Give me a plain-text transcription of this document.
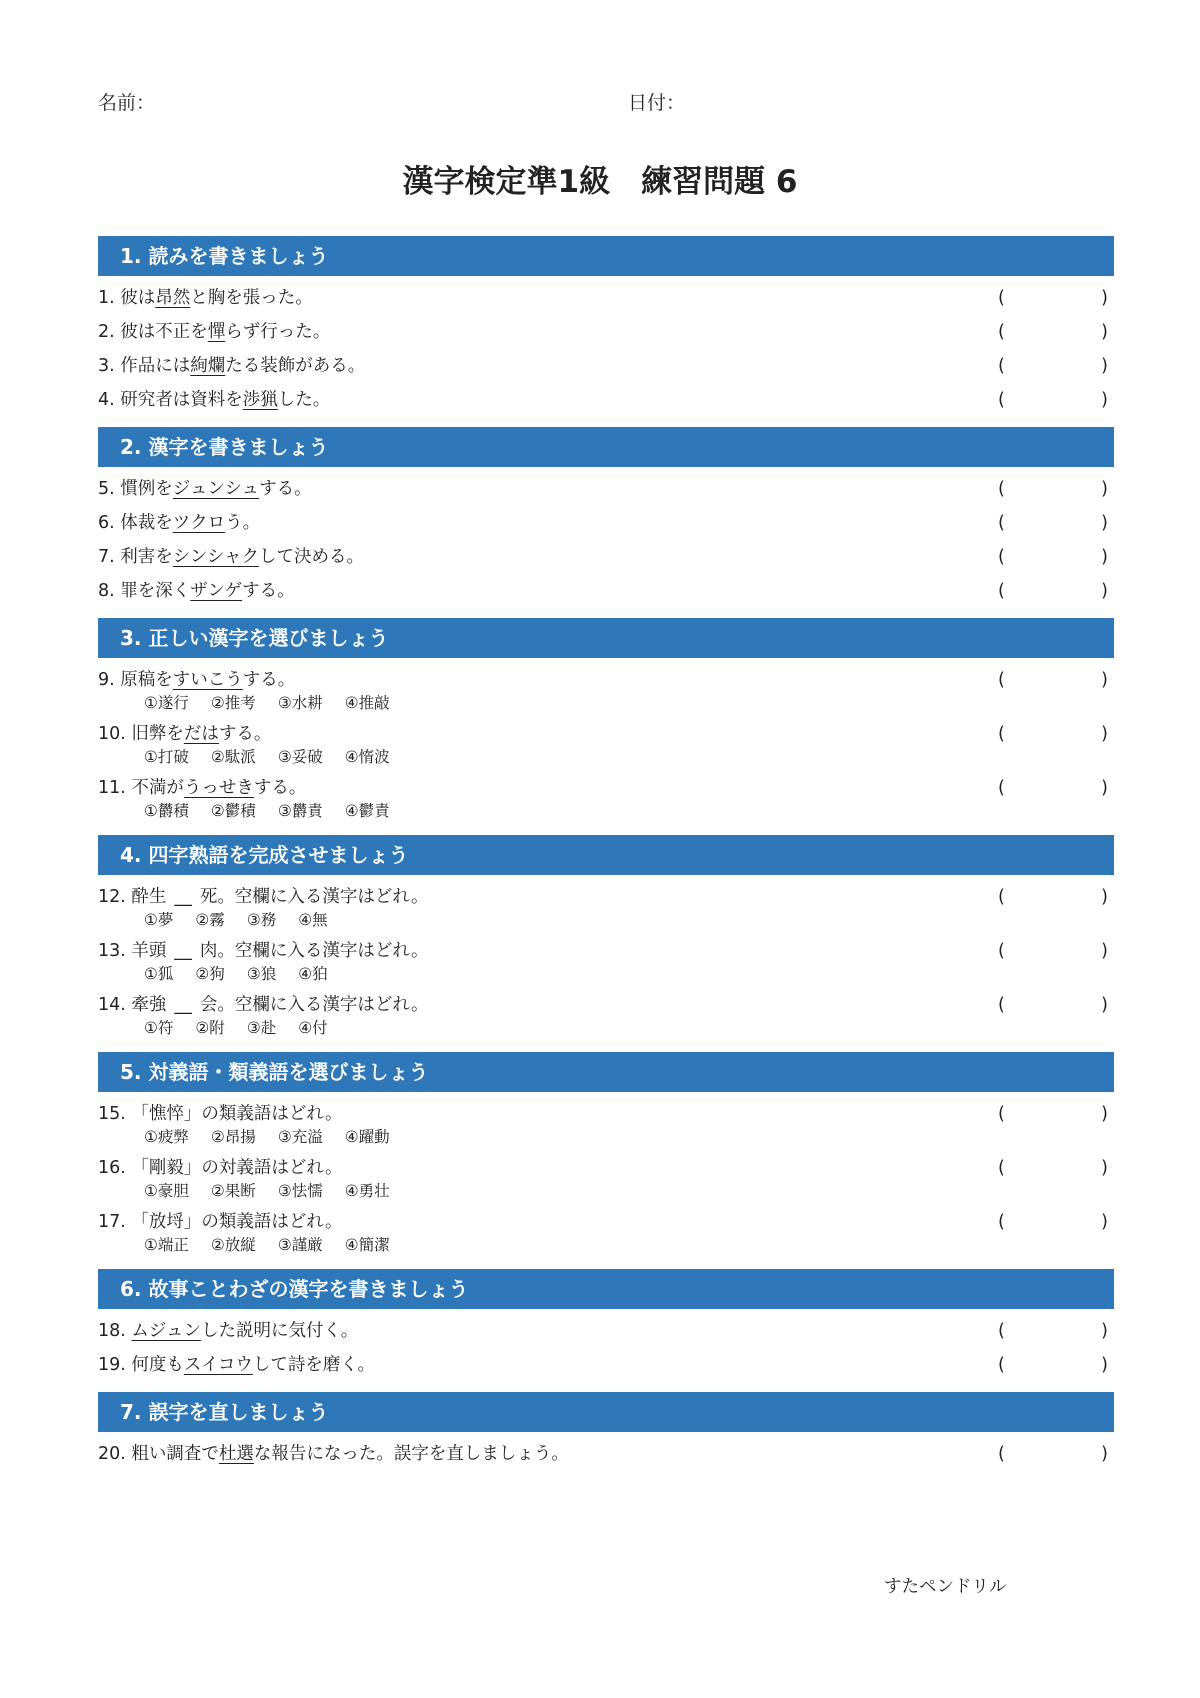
名前：	日付：
漢字検定準1級　練習問題 6
1. 読みを書きましょう
1. 彼は昂然と胸を張った。	(	)
2. 彼は不正を憚らず行った。	(	)
3. 作品には絢爛たる装飾がある。	(	)
4. 研究者は資料を渉猟した。	(	)
2. 漢字を書きましょう
5. 慣例をジュンシュする。	(	)
6. 体裁をツクロう。	(	)
7. 利害をシンシャクして決める。	(	)
8. 罪を深くザンゲする。	(	)
3. 正しい漢字を選びましょう
9. 原稿をすいこうする。	(	)
①遂行 ②推考 ③水耕 ④推敲
10. 旧弊をだはする。	(	)
①打破 ②駄派 ③妥破 ④惰波
11. 不満がうっせきする。	(	)
①欝積 ②鬱積 ③欝責 ④鬱責
4. 四字熟語を完成させましょう
12. 酔生 __ 死。空欄に入る漢字はどれ。	(	)
①夢 ②霧 ③務 ④無
13. 羊頭 __ 肉。空欄に入る漢字はどれ。	(	)
①狐 ②狗 ③狼 ④狛
14. 牽強 __ 会。空欄に入る漢字はどれ。	(	)
①符 ②附 ③赴 ④付
5. 対義語・類義語を選びましょう
15. 「憔悴」の類義語はどれ。	(	)
①疲弊 ②昂揚 ③充溢 ④躍動
16. 「剛毅」の対義語はどれ。	(	)
①豪胆 ②果断 ③怯懦 ④勇壮
17. 「放埒」の類義語はどれ。	(	)
①端正 ②放縦 ③謹厳 ④簡潔
6. 故事ことわざの漢字を書きましょう
18. ムジュンした説明に気付く。	(	)
19. 何度もスイコウして詩を磨く。	(	)
7. 誤字を直しましょう
20. 粗い調査で杜選な報告になった。誤字を直しましょう。	(	)
すたペンドリル
